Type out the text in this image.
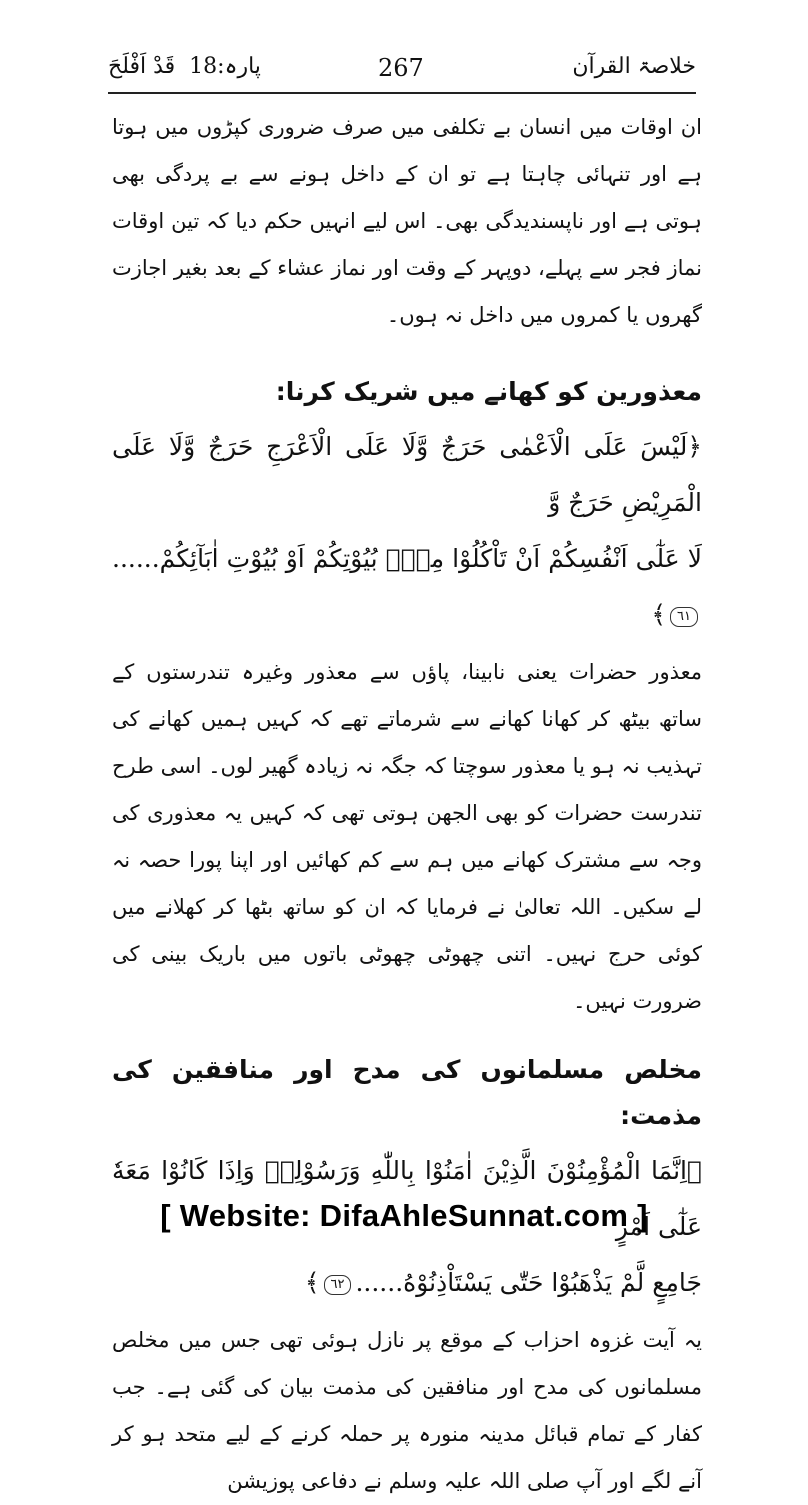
خلاصۃ القرآن
267
پارہ:18  قَدْ اَفْلَحَ

ان اوقات میں انسان بے تکلفی میں صرف ضروری کپڑوں میں ہوتا ہے اور تنہائی چاہتا ہے تو ان کے داخل ہونے سے بے پردگی بھی ہوتی ہے اور ناپسندیدگی بھی۔ اس لیے انہیں حکم دیا کہ تین اوقات نماز فجر سے پہلے، دوپہر کے وقت اور نماز عشاء کے بعد بغیر اجازت گھروں یا کمروں میں داخل نہ ہوں۔

معذورین کو کھانے میں شریک کرنا:
﴿لَيْسَ عَلَى الْاَعْمٰى حَرَجٌ وَّلَا عَلَى الْاَعْرَجِ حَرَجٌ وَّلَا عَلَى الْمَرِيْضِ حَرَجٌ وَّ
لَا عَلٰٓى اَنْفُسِكُمْ اَنْ تَاْكُلُوْا مِنْۢ بُيُوْتِكُمْ اَوْ بُيُوْتِ اٰبَآئِكُمْ......٦١﴾

معذور حضرات یعنی نابینا، پاؤں سے معذور وغیرہ تندرستوں کے ساتھ بیٹھ کر کھانا کھانے سے شرماتے تھے کہ کہیں ہمیں کھانے کی تہذیب نہ ہو یا معذور سوچتا کہ جگہ نہ زیادہ گھیر لوں۔ اسی طرح تندرست حضرات کو بھی الجھن ہوتی تھی کہ کہیں یہ معذوری کی وجہ سے مشترک کھانے میں ہم سے کم کھائیں اور اپنا پورا حصہ نہ لے سکیں۔ اللہ تعالیٰ نے فرمایا کہ ان کو ساتھ بٹھا کر کھلانے میں کوئی حرج نہیں۔ اتنی چھوٹی چھوٹی باتوں میں باریک بینی کی ضرورت نہیں۔

مخلص مسلمانوں کی مدح اور منافقین کی مذمت:
﴿اِنَّمَا الْمُؤْمِنُوْنَ الَّذِيْنَ اٰمَنُوْا بِاللّٰهِ وَرَسُوْلِهٖ وَاِذَا كَانُوْا مَعَهٗ عَلٰٓى اَمْرٍ
جَامِعٍ لَّمْ يَذْهَبُوْا حَتّٰى يَسْتَاْذِنُوْهُ......٦٢﴾

یہ آیت غزوہ احزاب کے موقع پر نازل ہوئی تھی جس میں مخلص مسلمانوں کی مدح اور منافقین کی مذمت بیان کی گئی ہے۔ جب کفار کے تمام قبائل مدینہ منورہ پر حملہ کرنے کے لیے متحد ہو کر آنے لگے اور آپ صلی اللہ علیہ وسلم نے دفاعی پوزیشن

[ Website: DifaAhleSunnat.com ]
